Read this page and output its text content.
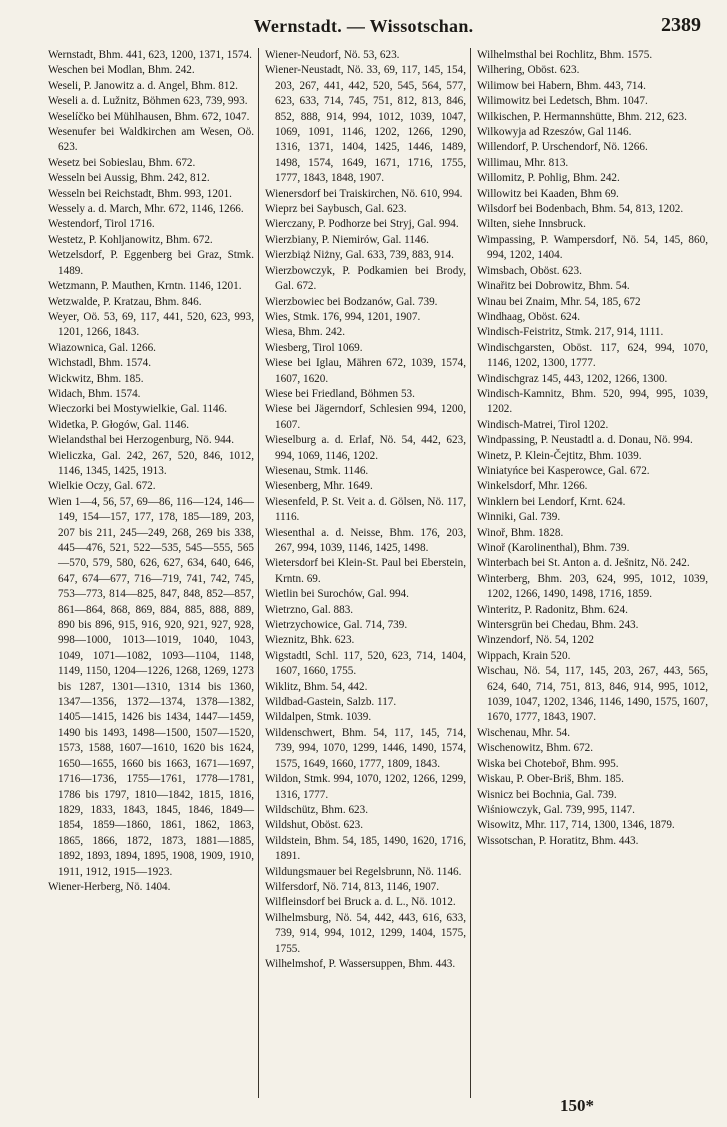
Wernstadt. — Wissotschan.	2389
Wernstadt, Bhm. 441, 623, 1200, 1371, 1574.
Weschen bei Modlan, Bhm. 242.
Weseli, P. Janowitz a. d. Angel, Bhm. 812.
Weseli a. d. Lužnitz, Böhmen 623, 739, 993.
Weselíčko bei Mühlhausen, Bhm. 672, 1047.
Wesenufer bei Waldkirchen am Wesen, Oö. 623.
Wesetz bei Sobieslau, Bhm. 672.
Wesseln bei Aussig, Bhm. 242, 812.
Wesseln bei Reichstadt, Bhm. 993, 1201.
Wessely a. d. March, Mhr. 672, 1146, 1266.
Westendorf, Tirol 1716.
Westetz, P. Kohljanowitz, Bhm. 672.
Wetzelsdorf, P. Eggenberg bei Graz, Stmk. 1489.
Wetzmann, P. Mauthen, Krntn. 1146, 1201.
Wetzwalde, P. Kratzau, Bhm. 846.
Weyer, Oö. 53, 69, 117, 441, 520, 623, 993, 1201, 1266, 1843.
Wiazownica, Gal. 1266.
Wichstadl, Bhm. 1574.
Wickwitz, Bhm. 185.
Widach, Bhm. 1574.
Wieczorki bei Mostywielkie, Gal. 1146.
Widetka, P. Głogów, Gal. 1146.
Wielandsthal bei Herzogenburg, Nö. 944.
Wieliczka, Gal. 242, 267, 520, 846, 1012, 1146, 1345, 1425, 1913.
Wielkie Oczy, Gal. 672.
Wien 1—4, 56, 57, 69—86, 116—124, 146—149, 154—157, 177, 178, 185—189, 203, 207 bis 211, 245—249, 268, 269 bis 338, 445—476, 521, 522—535, 545—555, 565—570, 579, 580, 626, 627, 634, 640, 646, 647, 674—677, 716—719, 741, 742, 745, 753—773, 814—825, 847, 848, 852—857, 861—864, 868, 869, 884, 885, 888, 889, 890 bis 896, 915, 916, 920, 921, 927, 928, 998—1000, 1013—1019, 1040, 1043, 1049, 1071—1082, 1093—1104, 1148, 1149, 1150, 1204—1226, 1268, 1269, 1273 bis 1287, 1301—1310, 1314 bis 1360, 1347—1356, 1372—1374, 1378—1382, 1405—1415, 1426 bis 1434, 1447—1459, 1490 bis 1493, 1498—1500, 1507—1520, 1573, 1588, 1607—1610, 1620 bis 1624, 1650—1655, 1660 bis 1663, 1671—1697, 1716—1736, 1755—1761, 1778—1781, 1786 bis 1797, 1810—1842, 1815, 1816, 1829, 1833, 1843, 1845, 1846, 1849—1854, 1859—1860, 1861, 1862, 1863, 1865, 1866, 1872, 1873, 1881—1885, 1892, 1893, 1894, 1895, 1908, 1909, 1910, 1911, 1912, 1915—1923.
Wiener-Herberg, Nö. 1404.
Wiener-Neudorf, Nö. 53, 623.
Wiener-Neustadt, Nö. 33, 69, 117, 145, 154, 203, 267, 441, 442, 520, 545, 564, 577, 623, 633, 714, 745, 751, 812, 813, 846, 852, 888, 914, 994, 1012, 1039, 1047, 1069, 1091, 1146, 1202, 1266, 1290, 1316, 1371, 1404, 1425, 1446, 1489, 1498, 1574, 1649, 1671, 1716, 1755, 1777, 1843, 1848, 1907.
Wienersdorf bei Traiskirchen, Nö. 610, 994.
Wieprz bei Saybusch, Gal. 623.
Wierczany, P. Podhorze bei Stryj, Gal. 994.
Wierzbiany, P. Niemirów, Gal. 1146.
Wierzbiąż Niżny, Gal. 633, 739, 883, 914.
Wierzbowczyk, P. Podkamien bei Brody, Gal. 672.
Wierzbowiec bei Bodzanów, Gal. 739.
Wies, Stmk. 176, 994, 1201, 1907.
Wiesa, Bhm. 242.
Wiesberg, Tirol 1069.
Wiese bei Iglau, Mähren 672, 1039, 1574, 1607, 1620.
Wiese bei Friedland, Böhmen 53.
Wiese bei Jägerndorf, Schlesien 994, 1200, 1607.
Wieselburg a. d. Erlaf, Nö. 54, 442, 623, 994, 1069, 1146, 1202.
Wiesenau, Stmk. 1146.
Wiesenberg, Mhr. 1649.
Wiesenfeld, P. St. Veit a. d. Gölsen, Nö. 117, 1116.
Wiesenthal a. d. Neisse, Bhm. 176, 203, 267, 994, 1039, 1146, 1425, 1498.
Wietersdorf bei Klein-St. Paul bei Eberstein, Krntn. 69.
Wietlin bei Surochów, Gal. 994.
Wietrzno, Gal. 883.
Wietrzychowice, Gal. 714, 739.
Wieznitz, Bhk. 623.
Wigstadtl, Schl. 117, 520, 623, 714, 1404, 1607, 1660, 1755.
Wiklitz, Bhm. 54, 442.
Wildbad-Gastein, Salzb. 117.
Wildalpen, Stmk. 1039.
Wildenschwert, Bhm. 54, 117, 145, 714, 739, 994, 1070, 1299, 1446, 1490, 1574, 1575, 1649, 1660, 1777, 1809, 1843.
Wildon, Stmk. 994, 1070, 1202, 1266, 1299, 1316, 1777.
Wildschütz, Bhm. 623.
Wildshut, Oböst. 623.
Wildstein, Bhm. 54, 185, 1490, 1620, 1716, 1891.
Wildungsmauer bei Regelsbrunn, Nö. 1146.
Wilfersdorf, Nö. 714, 813, 1146, 1907.
Wilfleinsdorf bei Bruck a. d. L., Nö. 1012.
Wilhelmsburg, Nö. 54, 442, 443, 616, 633, 739, 914, 994, 1012, 1299, 1404, 1575, 1755.
Wilhelmshof, P. Wassersuppen, Bhm. 443.
Wilhelmsthal bei Rochlitz, Bhm. 1575.
Wilhering, Oböst. 623.
Wilimow bei Habern, Bhm. 443, 714.
Wilimowitz bei Ledetsch, Bhm. 1047.
Wilkischen, P. Hermannshütte, Bhm. 212, 623.
Wilkowyja ad Rzeszów, Gal 1146.
Willendorf, P. Urschendorf, Nö. 1266.
Willimau, Mhr. 813.
Willomitz, P. Pohlig, Bhm. 242.
Willowitz bei Kaaden, Bhm 69.
Wilsdorf bei Bodenbach, Bhm. 54, 813, 1202.
Wilten, siehe Innsbruck.
Wimpassing, P. Wampersdorf, Nö. 54, 145, 860, 994, 1202, 1404.
Wimsbach, Oböst. 623.
Winařitz bei Dobrowitz, Bhm. 54.
Winau bei Znaim, Mhr. 54, 185, 672
Windhaag, Oböst. 624.
Windisch-Feistritz, Stmk. 217, 914, 1111.
Windischgarsten, Oböst. 117, 624, 994, 1070, 1146, 1202, 1300, 1777.
Windischgraz 145, 443, 1202, 1266, 1300.
Windisch-Kamnitz, Bhm. 520, 994, 995, 1039, 1202.
Windisch-Matrei, Tirol 1202.
Windpassing, P. Neustadtl a. d. Donau, Nö. 994.
Winetz, P. Klein-Čejtitz, Bhm. 1039.
Winiatyńce bei Kasperowce, Gal. 672.
Winkelsdorf, Mhr. 1266.
Winklern bei Lendorf, Krnt. 624.
Winniki, Gal. 739.
Winoř, Bhm. 1828.
Winoř (Karolinenthal), Bhm. 739.
Winterbach bei St. Anton a. d. Ješnitz, Nö. 242.
Winterberg, Bhm. 203, 624, 995, 1012, 1039, 1202, 1266, 1490, 1498, 1716, 1859.
Winteritz, P. Radonitz, Bhm. 624.
Wintersgrün bei Chedau, Bhm. 243.
Winzendorf, Nö. 54, 1202
Wippach, Krain 520.
Wischau, Nö. 54, 117, 145, 203, 267, 443, 565, 624, 640, 714, 751, 813, 846, 914, 995, 1012, 1039, 1047, 1202, 1346, 1146, 1490, 1575, 1607, 1670, 1777, 1843, 1907.
Wischenau, Mhr. 54.
Wischenowitz, Bhm. 672.
Wiska bei Choteboř, Bhm. 995.
Wiskau, P. Ober-Briš, Bhm. 185.
Wisnicz bei Bochnia, Gal. 739.
Wiśniowczyk, Gal. 739, 995, 1147.
Wisowitz, Mhr. 117, 714, 1300, 1346, 1879.
Wissotschan, P. Horatitz, Bhm. 443.
150*
